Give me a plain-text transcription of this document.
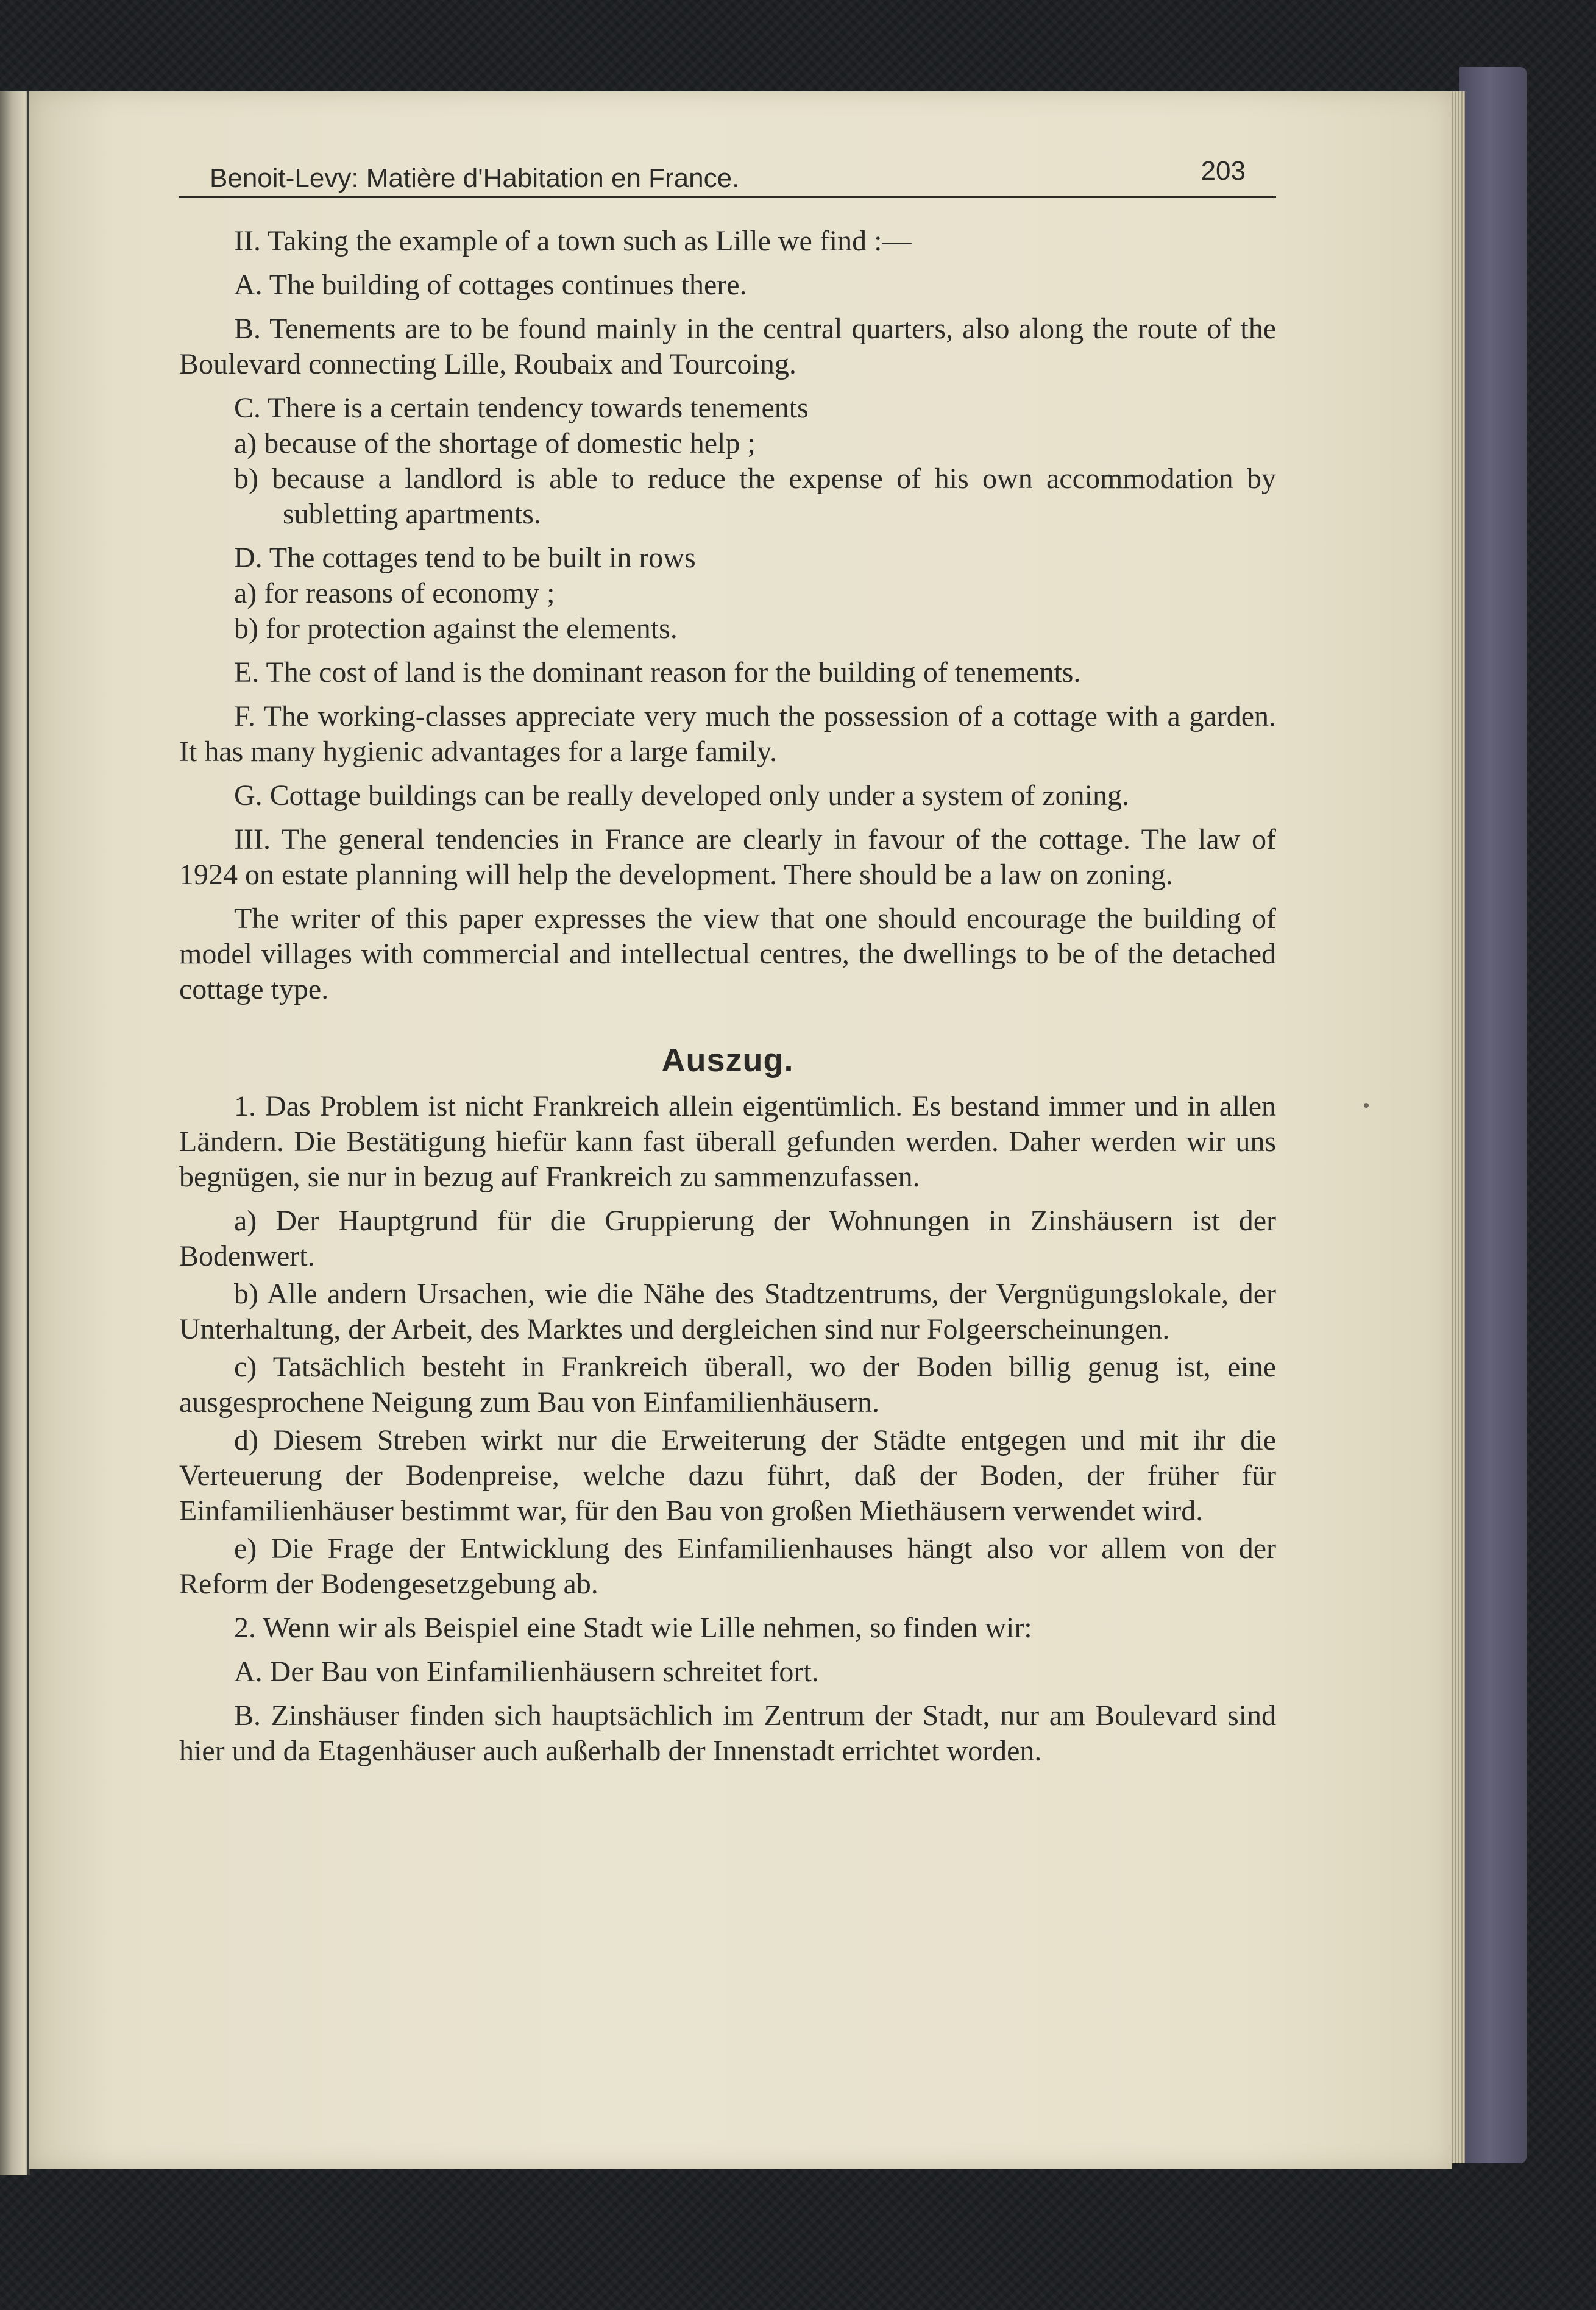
Benoit-Levy: Matière d'Habitation en France.	203

II. Taking the example of a town such as Lille we find :—

A. The building of cottages continues there.

B. Tenements are to be found mainly in the central quarters, also along the route of the Boulevard connecting Lille, Roubaix and Tourcoing.

C. There is a certain tendency towards tenements

a) because of the shortage of domestic help ;

b) because a landlord is able to reduce the expense of his own accommodation by subletting apartments.

D. The cottages tend to be built in rows

a) for reasons of economy ;

b) for protection against the elements.

E. The cost of land is the dominant reason for the building of tenements.

F. The working-classes appreciate very much the possession of a cottage with a garden. It has many hygienic advantages for a large family.

G. Cottage buildings can be really developed only under a system of zoning.

III. The general tendencies in France are clearly in favour of the cottage. The law of 1924 on estate planning will help the development. There should be a law on zoning.

The writer of this paper expresses the view that one should encourage the building of model villages with commercial and intellectual centres, the dwellings to be of the detached cottage type.

Auszug.

1. Das Problem ist nicht Frankreich allein eigentümlich. Es bestand immer und in allen Ländern. Die Bestätigung hiefür kann fast überall gefunden werden. Daher werden wir uns begnügen, sie nur in bezug auf Frankreich zu sammenzufassen.

a) Der Hauptgrund für die Gruppierung der Wohnungen in Zinshäusern ist der Bodenwert.

b) Alle andern Ursachen, wie die Nähe des Stadtzentrums, der Vergnügungslokale, der Unterhaltung, der Arbeit, des Marktes und dergleichen sind nur Folgeerscheinungen.

c) Tatsächlich besteht in Frankreich überall, wo der Boden billig genug ist, eine ausgesprochene Neigung zum Bau von Einfamilienhäusern.

d) Diesem Streben wirkt nur die Erweiterung der Städte entgegen und mit ihr die Verteuerung der Bodenpreise, welche dazu führt, daß der Boden, der früher für Einfamilienhäuser bestimmt war, für den Bau von großen Miethäusern verwendet wird.

e) Die Frage der Entwicklung des Einfamilienhauses hängt also vor allem von der Reform der Bodengesetzgebung ab.

2. Wenn wir als Beispiel eine Stadt wie Lille nehmen, so finden wir:

A. Der Bau von Einfamilienhäusern schreitet fort.

B. Zinshäuser finden sich hauptsächlich im Zentrum der Stadt, nur am Boulevard sind hier und da Etagenhäuser auch außerhalb der Innenstadt errichtet worden.
